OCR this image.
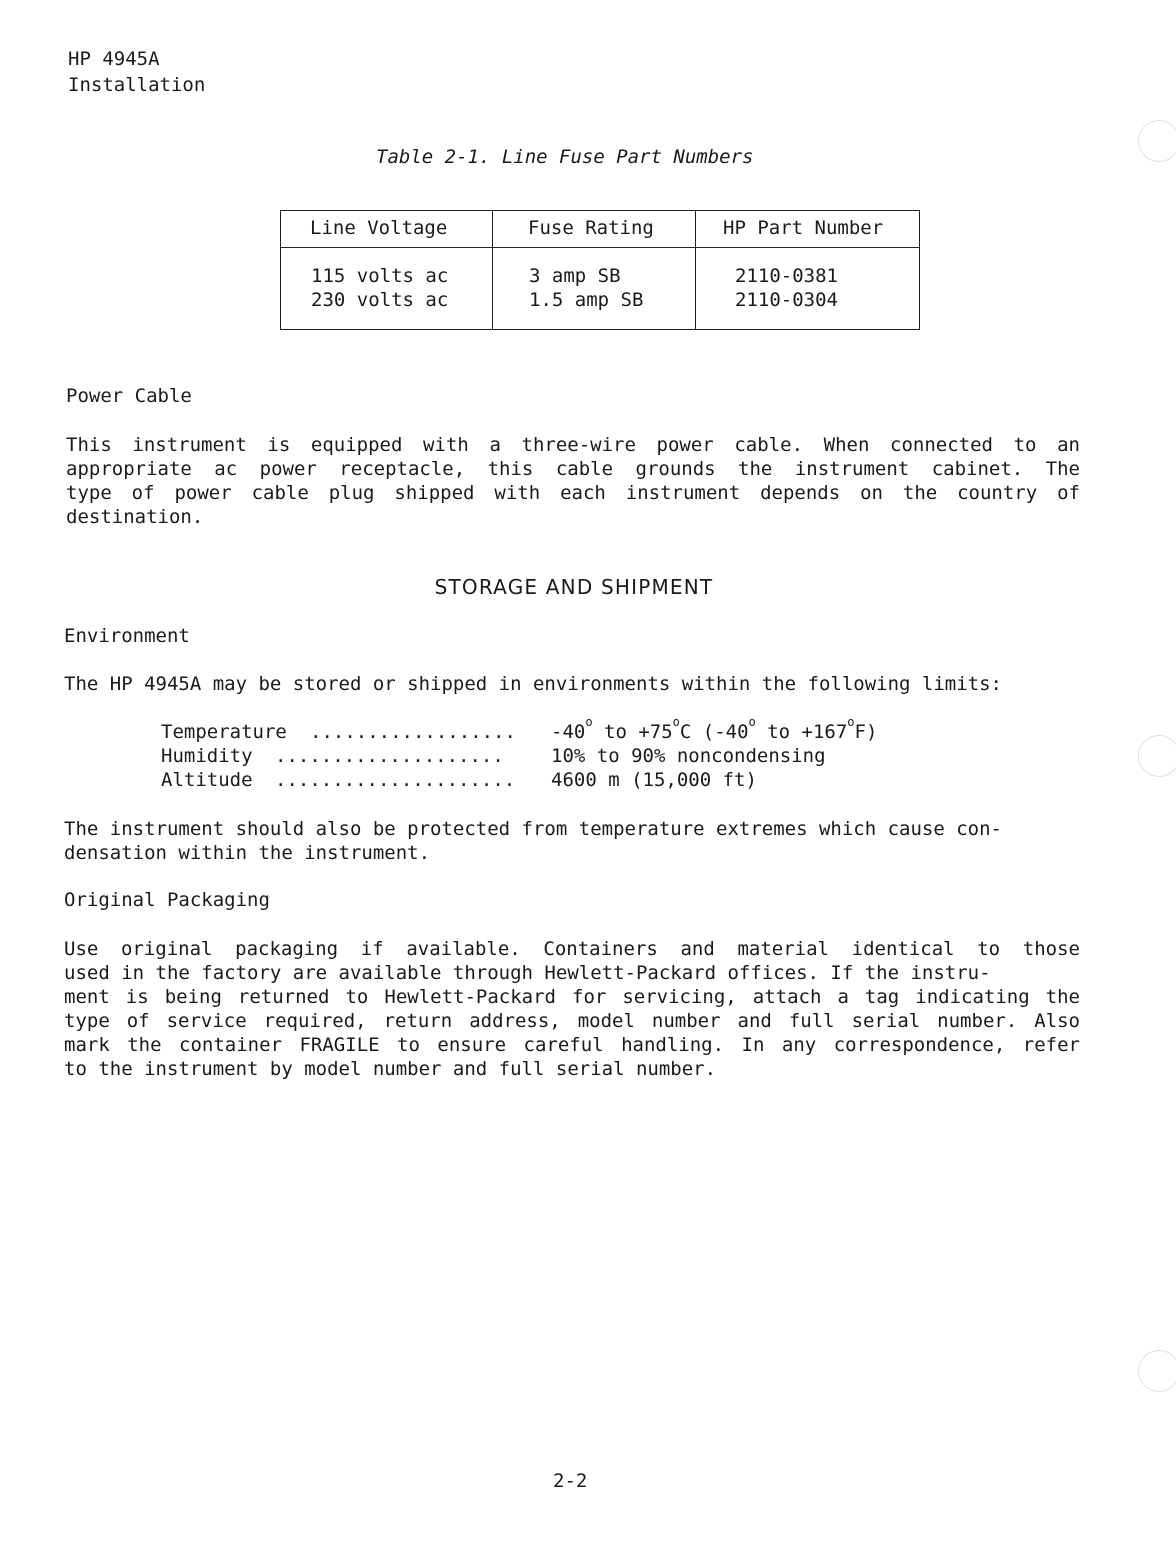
HP 4945A
Installation
Table 2-1. Line Fuse Part Numbers
Line Voltage	Fuse Rating	HP Part Number
115 volts ac	3 amp SB	2110-0381
230 volts ac	1.5 amp SB	2110-0304
Power Cable
This instrument is equipped with a three-wire power cable. When connected to an
appropriate ac power receptacle, this cable grounds the instrument cabinet. The
type of power cable plug shipped with each instrument depends on the country of
destination.
STORAGE AND SHIPMENT
Environment
The HP 4945A may be stored or shipped in environments within the following limits:
Temperature .................. -40$^o$ to $+75^oC$ (-40$^o$ to $+167^oF$)
Humidity .................... 10% to 90% noncondensing
Altitude ..................... 4600 m (15,000 ft)
The instrument should also be protected from temperature extremes which cause con-
densation within the instrument.
Original Packaging
Use original packaging if available. Containers and material identical to those
used in the factory are available through Hewlett-Packard offices. If the instru-
ment is being returned to Hewlett-Packard for servicing, attach a tag indicating the
type of service required, return address, model number and full serial number. Also
mark the container FRAGILE to ensure careful handling. In any correspondence, refer
to the instrument by model number and full serial number.
2-2
